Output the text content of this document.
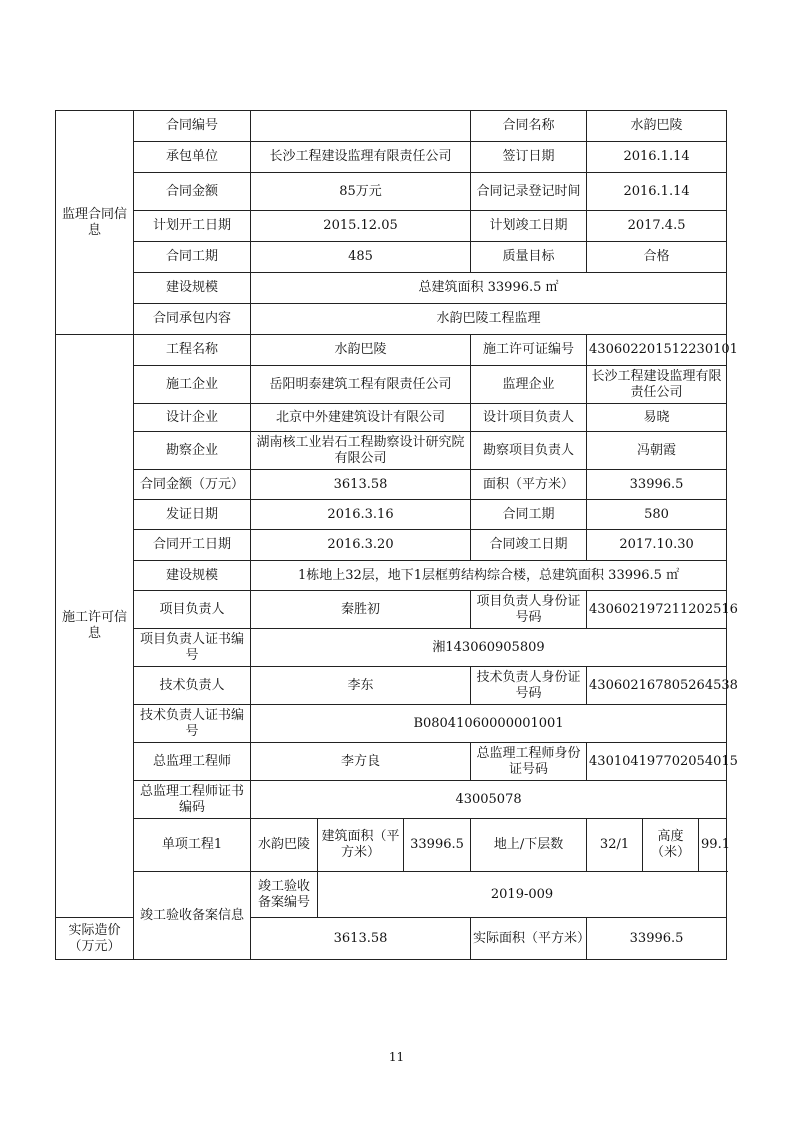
监理合同信息	合同编号				合同名称	水韵巴陵		
	承包单位	长沙工程建设监理有限责任公司			签订日期	2016.1.14		
	合同金额	85万元			合同记录登记时间	2016.1.14		
	计划开工日期	2015.12.05			计划竣工日期	2017.4.5		
	合同工期	485			质量目标	合格		
	建设规模	总建筑面积 33996.5 ㎡						
	合同承包内容	水韵巴陵工程监理						

施工许可信息	工程名称	水韵巴陵			施工许可证编号	430602201512230101		
	施工企业	岳阳明泰建筑工程有限责任公司			监理企业	长沙工程建设监理有限责任公司		
	设计企业	北京中外建建筑设计有限公司			设计项目负责人	易晓		
	勘察企业	湖南核工业岩石工程勘察设计研究院有限公司			勘察项目负责人	冯朝霞		
	合同金额（万元）	3613.58			面积（平方米）	33996.5		
	发证日期	2016.3.16			合同工期	580		
	合同开工日期	2016.3.20			合同竣工日期	2017.10.30		
	建设规模	1栋地上32层，地下1层框剪结构综合楼，总建筑面积 33996.5 ㎡						
	项目负责人	秦胜初			项目负责人身份证号码	430602197211202516		
	项目负责人证书编号	湘143060905809						
	技术负责人	李东			技术负责人身份证号码	430602167805264538		
	技术负责人证书编号	B08041060000001001						
	总监理工程师	李方良			总监理工程师身份证号码	430104197702054015		
	总监理工程师证书编码	43005078						
	单项工程1	水韵巴陵	建筑面积（平方米）	33996.5	地上/下层数	32/1	高度（米）	99.1

	竣工验收备案信息	竣工验收备案编号	2019-009					
实际造价（万元）		3613.58			实际面积（平方米）	33996.5		
11
